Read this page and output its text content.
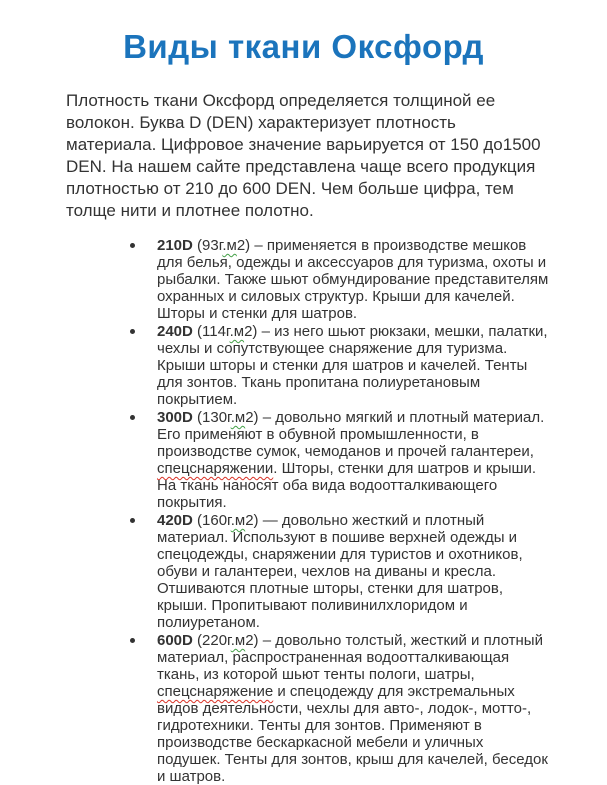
Виды ткани Оксфорд

Плотность ткани Оксфорд определяется толщиной ее волокон. Буква D (DEN) характеризует плотность материала. Цифровое значение варьируется от 150 до1500 DEN. На нашем сайте представлена чаще всего продукция плотностью от 210 до 600 DEN. Чем больше цифра, тем толще нити и плотнее полотно.

210D (93г.м2) – применяется в производстве мешков для белья, одежды и аксессуаров для туризма, охоты и рыбалки. Также шьют обмундирование представителям охранных и силовых структур. Крыши для качелей. Шторы и стенки для шатров.
240D (114г.м2) – из него шьют рюкзаки, мешки, палатки, чехлы и сопутствующее снаряжение для туризма. Крыши шторы и стенки для шатров и качелей. Тенты для зонтов. Ткань пропитана полиуретановым покрытием.
300D (130г.м2) – довольно мягкий и плотный материал. Его применяют в обувной промышленности, в производстве сумок, чемоданов и прочей галантереи, спецснаряжении. Шторы, стенки для шатров и крыши. На ткань наносят оба вида водоотталкивающего покрытия.
420D (160г.м2) — довольно жесткий и плотный материал. Используют в пошиве верхней одежды и спецодежды, снаряжении для туристов и охотников, обуви и галантереи, чехлов на диваны и кресла. Отшиваются плотные шторы, стенки для шатров, крыши. Пропитывают поливинилхлоридом и полиуретаном.
600D (220г.м2) – довольно толстый, жесткий и плотный материал, распространенная водоотталкивающая ткань, из которой шьют тенты пологи, шатры, спецснаряжение и спецодежду для экстремальных видов деятельности, чехлы для авто-, лодок-, мотто-, гидротехники. Тенты для зонтов. Применяют в производстве бескаркасной мебели и уличных подушек. Тенты для зонтов, крыш для качелей, беседок и шатров.
